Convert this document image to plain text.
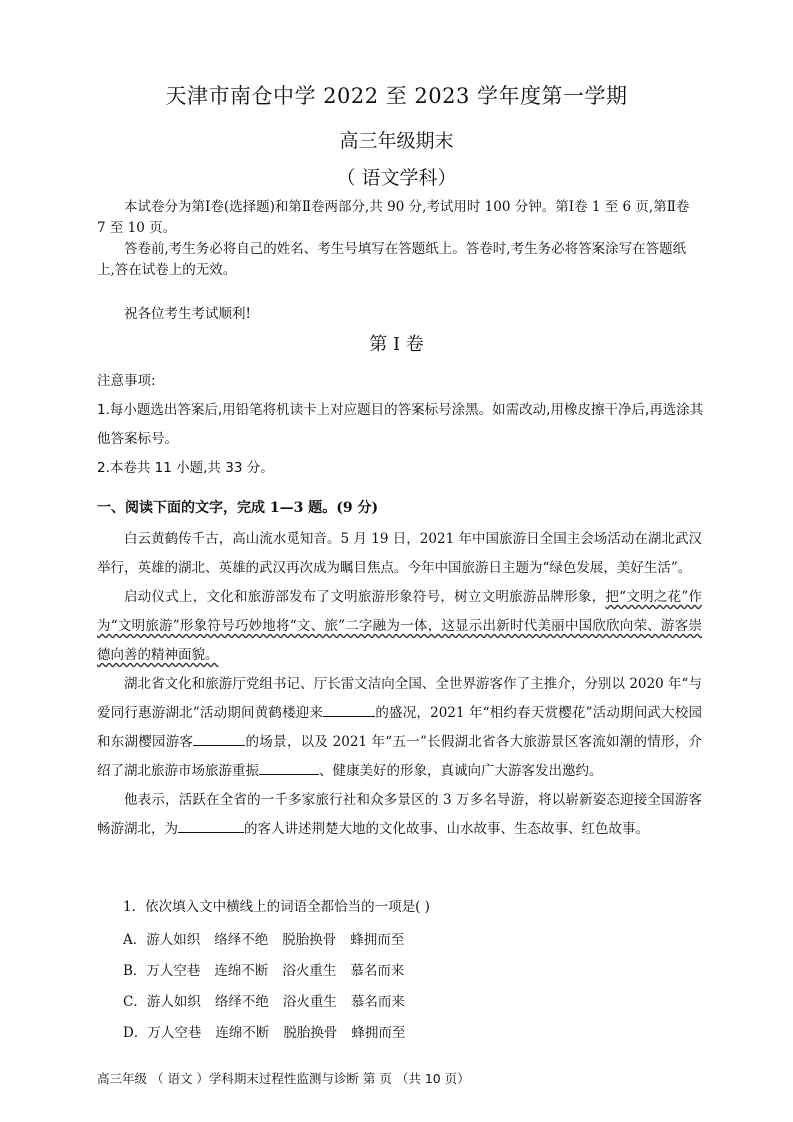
天津市南仓中学 2022 至 2023 学年度第一学期
高三年级期末
（ 语文学科）

本试卷分为第Ⅰ卷(选择题)和第Ⅱ卷两部分,共 90 分,考试用时 100 分钟。第Ⅰ卷 1 至 6 页,第Ⅱ卷 7 至 10 页。

答卷前,考生务必将自己的姓名、考生号填写在答题纸上。答卷时,考生务必将答案涂写在答题纸上,答在试卷上的无效。

祝各位考生考试顺利!
第 Ⅰ 卷

注意事项:

1.每小题选出答案后,用铅笔将机读卡上对应题目的答案标号涂黑。如需改动,用橡皮擦干净后,再选涂其他答案标号。

2.本卷共 11 小题,共 33 分。

一、阅读下面的文字，完成 1—3 题。(9 分)

白云黄鹤传千古，高山流水觅知音。5 月 19 日，2021 年中国旅游日全国主会场活动在湖北武汉举行，英雄的湖北、英雄的武汉再次成为瞩目焦点。今年中国旅游日主题为“绿色发展，美好生活”。

启动仪式上，文化和旅游部发布了文明旅游形象符号，树立文明旅游品牌形象，把“文明之花”作为“文明旅游”形象符号巧妙地将“文、旅”二字融为一体，这显示出新时代美丽中国欣欣向荣、游客崇德向善的精神面貌。

湖北省文化和旅游厅党组书记、厅长雷文洁向全国、全世界游客作了主推介，分别以 2020 年“与爱同行惠游湖北”活动期间黄鹤楼迎来	的盛况，2021 年“相约春天赏樱花”活动期间武大校园和东湖樱园游客	的场景，以及 2021 年“五一”长假湖北省各大旅游景区客流如潮的情形，介绍了湖北旅游市场旅游重振	、健康美好的形象，真诚向广大游客发出邀约。

他表示，活跃在全省的一千多家旅行社和众多景区的 3 万多名导游，将以崭新姿态迎接全国游客畅游湖北，为	的客人讲述荆楚大地的文化故事、山水故事、生态故事、红色故事。

1．依次填入文中横线上的词语全都恰当的一项是( )
A．游人如织 络绎不绝 脱胎换骨 蜂拥而至
B．万人空巷 连绵不断 浴火重生 慕名而来
C．游人如织 络绎不绝 浴火重生 慕名而来
D．万人空巷 连绵不断 脱胎换骨 蜂拥而至
高三年级 （ 语文 ）学科期末过程性监测与诊断 第 页 （共 10 页）
